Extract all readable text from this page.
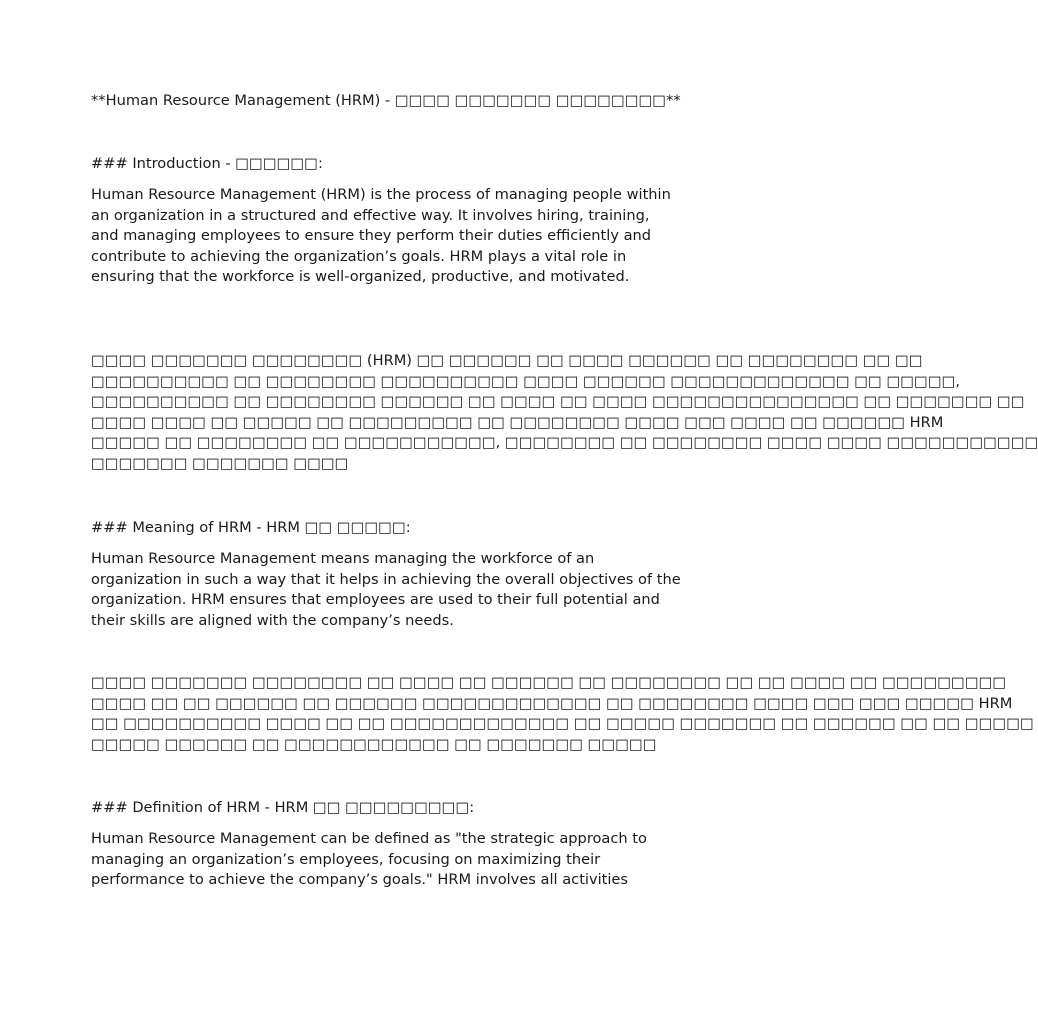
**Human Resource Management (HRM) - □□□□ □□□□□□□ □□□□□□□□**

### Introduction - □□□□□□:

Human Resource Management (HRM) is the process of managing people within an organization in a structured and effective way. It involves hiring, training, and managing employees to ensure they perform their duties efficiently and contribute to achieving the organization’s goals. HRM plays a vital role in ensuring that the workforce is well-organized, productive, and motivated.

□□□□ □□□□□□□ □□□□□□□□ (HRM) □□ □□□□□□ □□ □□□□ □□□□□□ □□ □□□□□□□□ □□ □□
□□□□□□□□□□ □□ □□□□□□□□ □□□□□□□□□□ □□□□ □□□□□□ □□□□□□□□□□□□□ □□ □□□□□,
□□□□□□□□□□ □□ □□□□□□□□ □□□□□□ □□ □□□□ □□ □□□□ □□□□□□□□□□□□□□□ □□ □□□□□□□ □□
□□□□ □□□□ □□ □□□□□ □□ □□□□□□□□□ □□ □□□□□□□□ □□□□ □□□ □□□□ □□ □□□□□□ HRM
□□□□□ □□ □□□□□□□□ □□ □□□□□□□□□□□, □□□□□□□□ □□ □□□□□□□□ □□□□ □□□□ □□□□□□□□□□□
□□□□□□□ □□□□□□□ □□□□

### Meaning of HRM - HRM □□ □□□□□:

Human Resource Management means managing the workforce of an organization in such a way that it helps in achieving the overall objectives of the organization. HRM ensures that employees are used to their full potential and their skills are aligned with the company’s needs.

□□□□ □□□□□□□ □□□□□□□□ □□ □□□□ □□ □□□□□□ □□ □□□□□□□□ □□ □□ □□□□ □□ □□□□□□□□□
□□□□ □□ □□ □□□□□□ □□ □□□□□□ □□□□□□□□□□□□□ □□ □□□□□□□□ □□□□ □□□ □□□ □□□□□ HRM
□□ □□□□□□□□□□ □□□□ □□ □□ □□□□□□□□□□□□□ □□ □□□□□ □□□□□□□ □□ □□□□□□ □□ □□ □□□□□
□□□□□ □□□□□□ □□ □□□□□□□□□□□□ □□ □□□□□□□ □□□□□

### Definition of HRM - HRM □□ □□□□□□□□□:

Human Resource Management can be defined as "the strategic approach to managing an organization’s employees, focusing on maximizing their performance to achieve the company’s goals." HRM involves all activities
